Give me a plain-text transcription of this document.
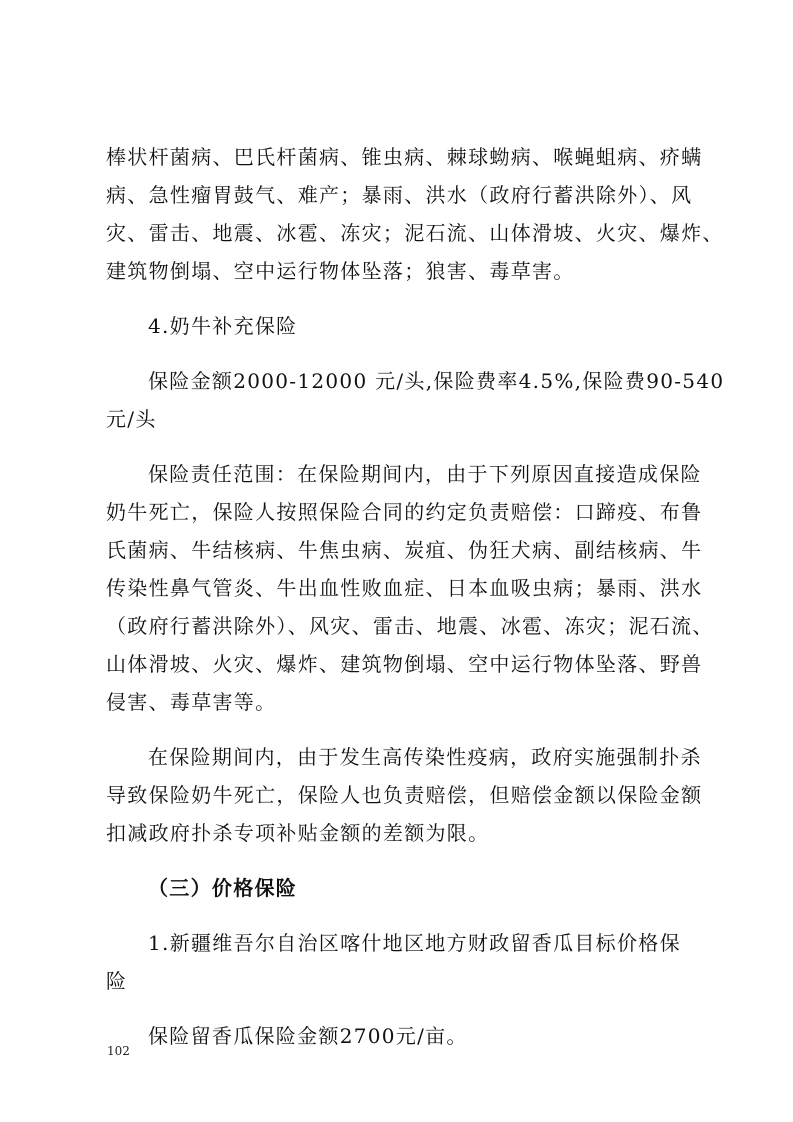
棒状杆菌病、巴氏杆菌病、锥虫病、棘球蚴病、喉蝇蛆病、疥螨
病、急性瘤胃鼓气、难产；暴雨、洪水（政府行蓄洪除外）、风
灾、雷击、地震、冰雹、冻灾；泥石流、山体滑坡、火灾、爆炸、
建筑物倒塌、空中运行物体坠落；狼害、毒草害。
4.奶牛补充保险
保险金额2000-12000 元/头,保险费率4.5%,保险费90-540
元/头
保险责任范围：在保险期间内，由于下列原因直接造成保险
奶牛死亡，保险人按照保险合同的约定负责赔偿：口蹄疫、布鲁
氏菌病、牛结核病、牛焦虫病、炭疽、伪狂犬病、副结核病、牛
传染性鼻气管炎、牛出血性败血症、日本血吸虫病；暴雨、洪水
（政府行蓄洪除外）、风灾、雷击、地震、冰雹、冻灾；泥石流、
山体滑坡、火灾、爆炸、建筑物倒塌、空中运行物体坠落、野兽
侵害、毒草害等。
在保险期间内，由于发生高传染性疫病，政府实施强制扑杀
导致保险奶牛死亡，保险人也负责赔偿，但赔偿金额以保险金额
扣减政府扑杀专项补贴金额的差额为限。
（三）价格保险
1.新疆维吾尔自治区喀什地区地方财政留香瓜目标价格保
险
保险留香瓜保险金额2700元/亩。
102
